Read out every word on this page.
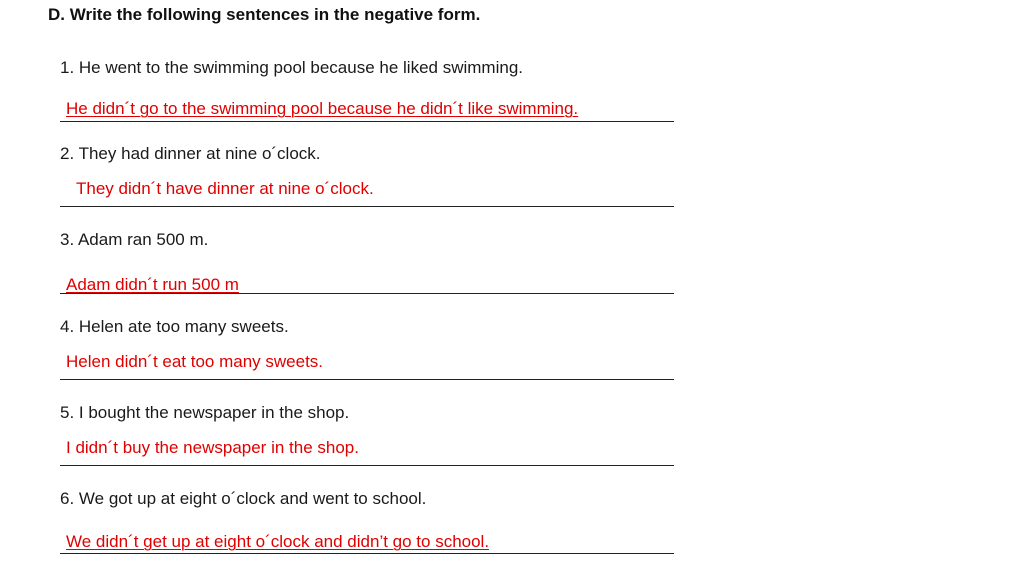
D. Write the following sentences in the negative form.
1. He went to the swimming pool because he liked swimming.
He didn´t go to the swimming pool because he didn´t like swimming.
2. They had dinner at nine o´clock.
They didn´t have dinner at nine o´clock.
3. Adam ran 500 m.
Adam didn´t run 500 m
4. Helen ate too many sweets.
Helen didn´t eat too many sweets.
5. I bought the newspaper in the shop.
I didn´t buy the newspaper in the shop.
6. We got up at eight o´clock and went to school.
We didn´t get up at eight o´clock and didn’t go to school.
